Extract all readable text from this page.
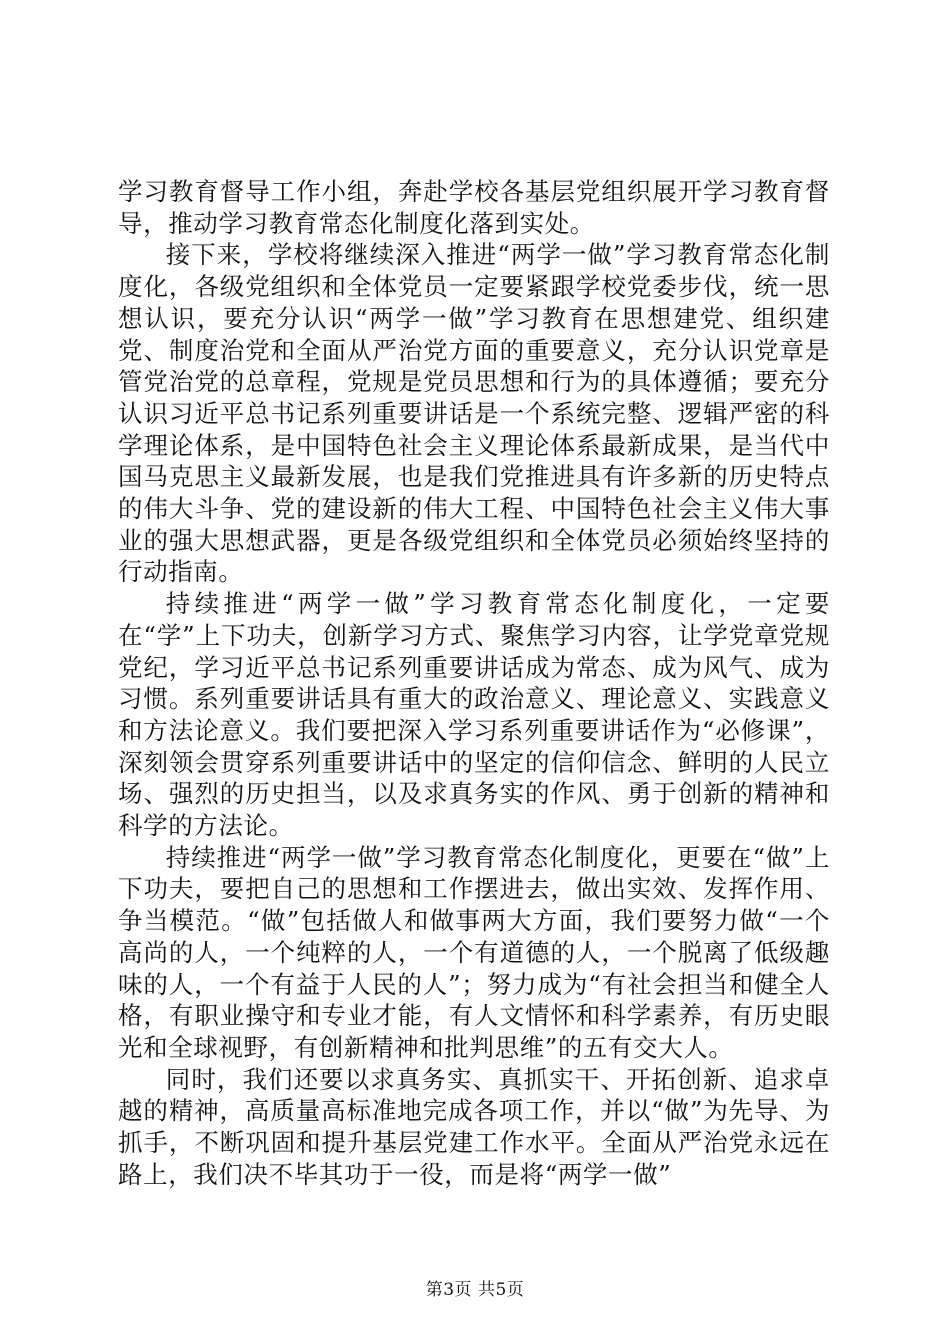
学习教育督导工作小组，奔赴学校各基层党组织展开学习教育督导，推动学习教育常态化制度化落到实处。

接下来，学校将继续深入推进“两学一做”学习教育常态化制度化，各级党组织和全体党员一定要紧跟学校党委步伐，统一思想认识，要充分认识“两学一做”学习教育在思想建党、组织建党、制度治党和全面从严治党方面的重要意义，充分认识党章是管党治党的总章程，党规是党员思想和行为的具体遵循；要充分认识习近平总书记系列重要讲话是一个系统完整、逻辑严密的科学理论体系，是中国特色社会主义理论体系最新成果，是当代中国马克思主义最新发展，也是我们党推进具有许多新的历史特点的伟大斗争、党的建设新的伟大工程、中国特色社会主义伟大事业的强大思想武器，更是各级党组织和全体党员必须始终坚持的行动指南。

持续推进“两学一做”学习教育常态化制度化，一定要在“学”上下功夫，创新学习方式、聚焦学习内容，让学党章党规党纪，学习近平总书记系列重要讲话成为常态、成为风气、成为习惯。系列重要讲话具有重大的政治意义、理论意义、实践意义和方法论意义。我们要把深入学习系列重要讲话作为“必修课”，深刻领会贯穿系列重要讲话中的坚定的信仰信念、鲜明的人民立场、强烈的历史担当，以及求真务实的作风、勇于创新的精神和科学的方法论。

持续推进“两学一做”学习教育常态化制度化，更要在“做”上下功夫，要把自己的思想和工作摆进去，做出实效、发挥作用、争当模范。“做”包括做人和做事两大方面，我们要努力做“一个高尚的人，一个纯粹的人，一个有道德的人，一个脱离了低级趣味的人，一个有益于人民的人”；努力成为“有社会担当和健全人格，有职业操守和专业才能，有人文情怀和科学素养，有历史眼光和全球视野，有创新精神和批判思维”的五有交大人。

同时，我们还要以求真务实、真抓实干、开拓创新、追求卓越的精神，高质量高标准地完成各项工作，并以“做”为先导、为抓手，不断巩固和提升基层党建工作水平。全面从严治党永远在路上，我们决不毕其功于一役，而是将“两学一做”

第3页 共5页
